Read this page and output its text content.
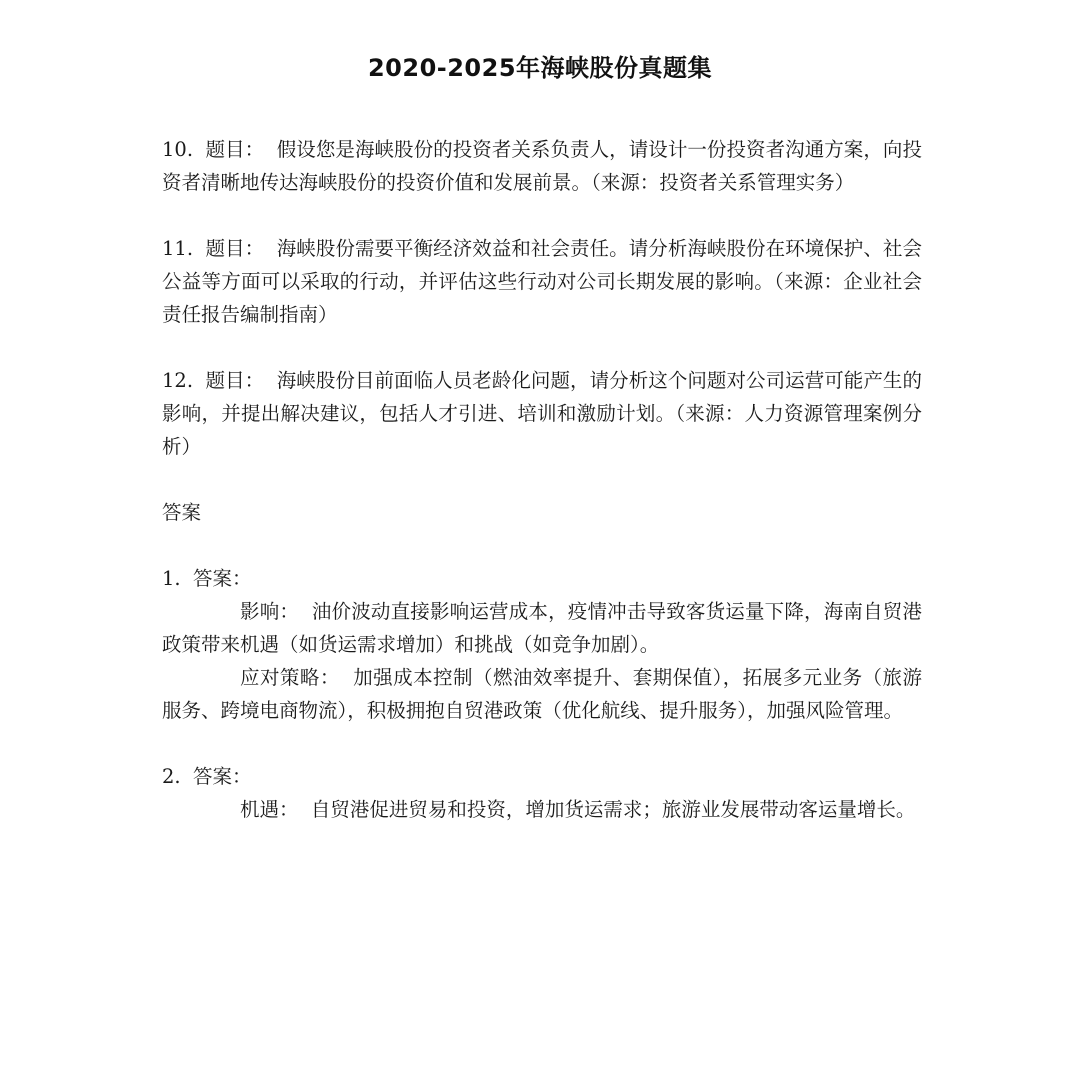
2020-2025年海峡股份真题集

10. 题目： 假设您是海峡股份的投资者关系负责人，请设计一份投资者沟通方案，向投资者清晰地传达海峡股份的投资价值和发展前景。（来源：投资者关系管理实务）

11. 题目： 海峡股份需要平衡经济效益和社会责任。请分析海峡股份在环境保护、社会公益等方面可以采取的行动，并评估这些行动对公司长期发展的影响。（来源：企业社会责任报告编制指南）

12. 题目： 海峡股份目前面临人员老龄化问题，请分析这个问题对公司运营可能产生的影响，并提出解决建议，包括人才引进、培训和激励计划。（来源：人力资源管理案例分析）

答案

1. 答案：

影响： 油价波动直接影响运营成本，疫情冲击导致客货运量下降，海南自贸港政策带来机遇（如货运需求增加）和挑战（如竞争加剧）。

应对策略： 加强成本控制（燃油效率提升、套期保值），拓展多元业务（旅游服务、跨境电商物流），积极拥抱自贸港政策（优化航线、提升服务），加强风险管理。

2. 答案：

机遇： 自贸港促进贸易和投资，增加货运需求；旅游业发展带动客运量增长。
